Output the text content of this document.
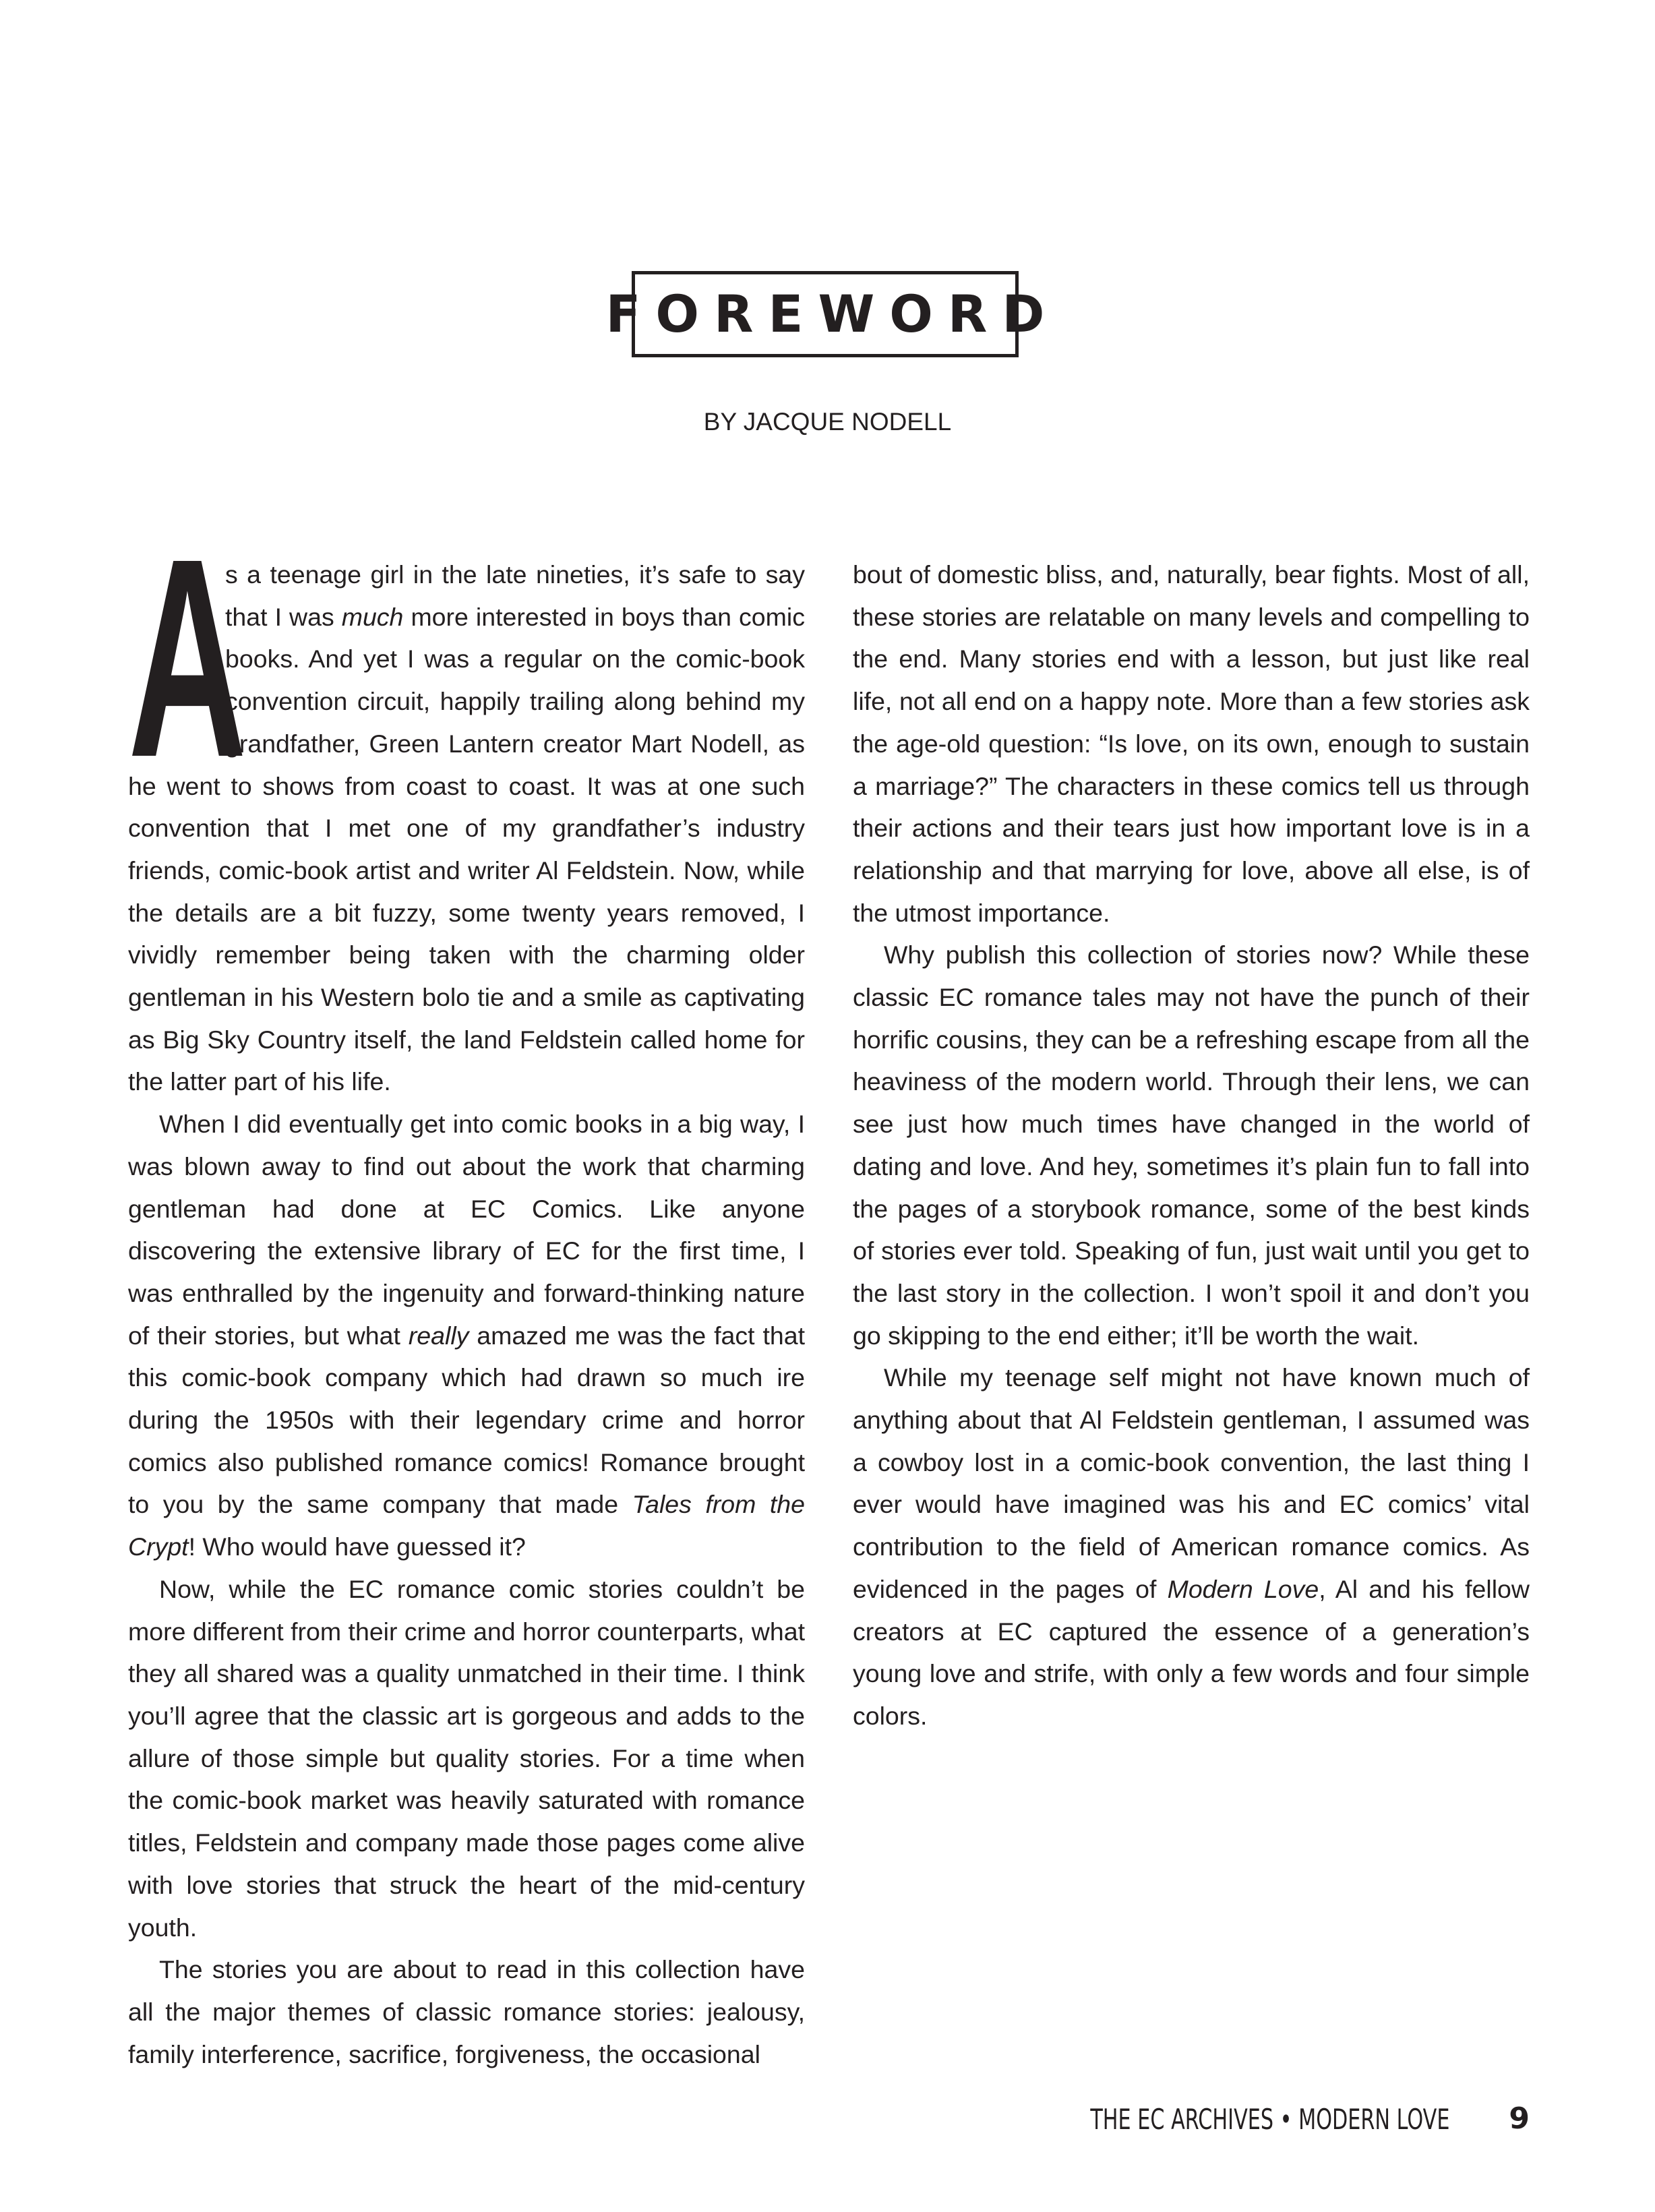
FOREWORD
BY JACQUE NODELL

A
s a teenage girl in the late nineties, it’s safe to say that I was much more interested in boys than comic books. And yet I was a regular on the comic-book convention circuit, happily trailing along behind my grandfather, Green Lantern creator Mart Nodell, as he went to shows from coast to coast. It was at one such convention that I met one of my grandfather’s industry friends, comic-book artist and writer Al Feldstein. Now, while the details are a bit fuzzy, some twenty years removed, I vividly remember being taken with the charming older gentleman in his Western bolo tie and a smile as captivating as Big Sky Country itself, the land Feldstein called home for the latter part of his life.

When I did eventually get into comic books in a big way, I was blown away to find out about the work that charming gentleman had done at EC Comics. Like anyone discovering the extensive library of EC for the first time, I was enthralled by the ingenuity and forward-thinking nature of their stories, but what really amazed me was the fact that this comic-book company which had drawn so much ire during the 1950s with their legendary crime and horror comics also published romance comics! Romance brought to you by the same company that made Tales from the Crypt! Who would have guessed it?

Now, while the EC romance comic stories couldn’t be more different from their crime and horror counterparts, what they all shared was a quality unmatched in their time. I think you’ll agree that the classic art is gorgeous and adds to the allure of those simple but quality stories. For a time when the comic-book market was heavily saturated with romance titles, Feldstein and company made those pages come alive with love stories that struck the heart of the mid-century youth.

The stories you are about to read in this collection have all the major themes of classic romance stories: jealousy, family interference, sacrifice, forgiveness, the occasional

bout of domestic bliss, and, naturally, bear fights. Most of all, these stories are relatable on many levels and compelling to the end. Many stories end with a lesson, but just like real life, not all end on a happy note. More than a few stories ask the age-old question: “Is love, on its own, enough to sustain a marriage?” The characters in these comics tell us through their actions and their tears just how important love is in a relationship and that marrying for love, above all else, is of the utmost importance.

Why publish this collection of stories now? While these classic EC romance tales may not have the punch of their horrific cousins, they can be a refreshing escape from all the heaviness of the modern world. Through their lens, we can see just how much times have changed in the world of dating and love. And hey, sometimes it’s plain fun to fall into the pages of a storybook romance, some of the best kinds of stories ever told. Speaking of fun, just wait until you get to the last story in the collection. I won’t spoil it and don’t you go skipping to the end either; it’ll be worth the wait.

While my teenage self might not have known much of anything about that Al Feldstein gentleman, I assumed was a cowboy lost in a comic-book convention, the last thing I ever would have imagined was his and EC comics’ vital contribution to the field of American romance comics. As evidenced in the pages of Modern Love, Al and his fellow creators at EC captured the essence of a generation’s young love and strife, with only a few words and four simple colors.

THE EC ARCHIVES • MODERN LOVE 9
